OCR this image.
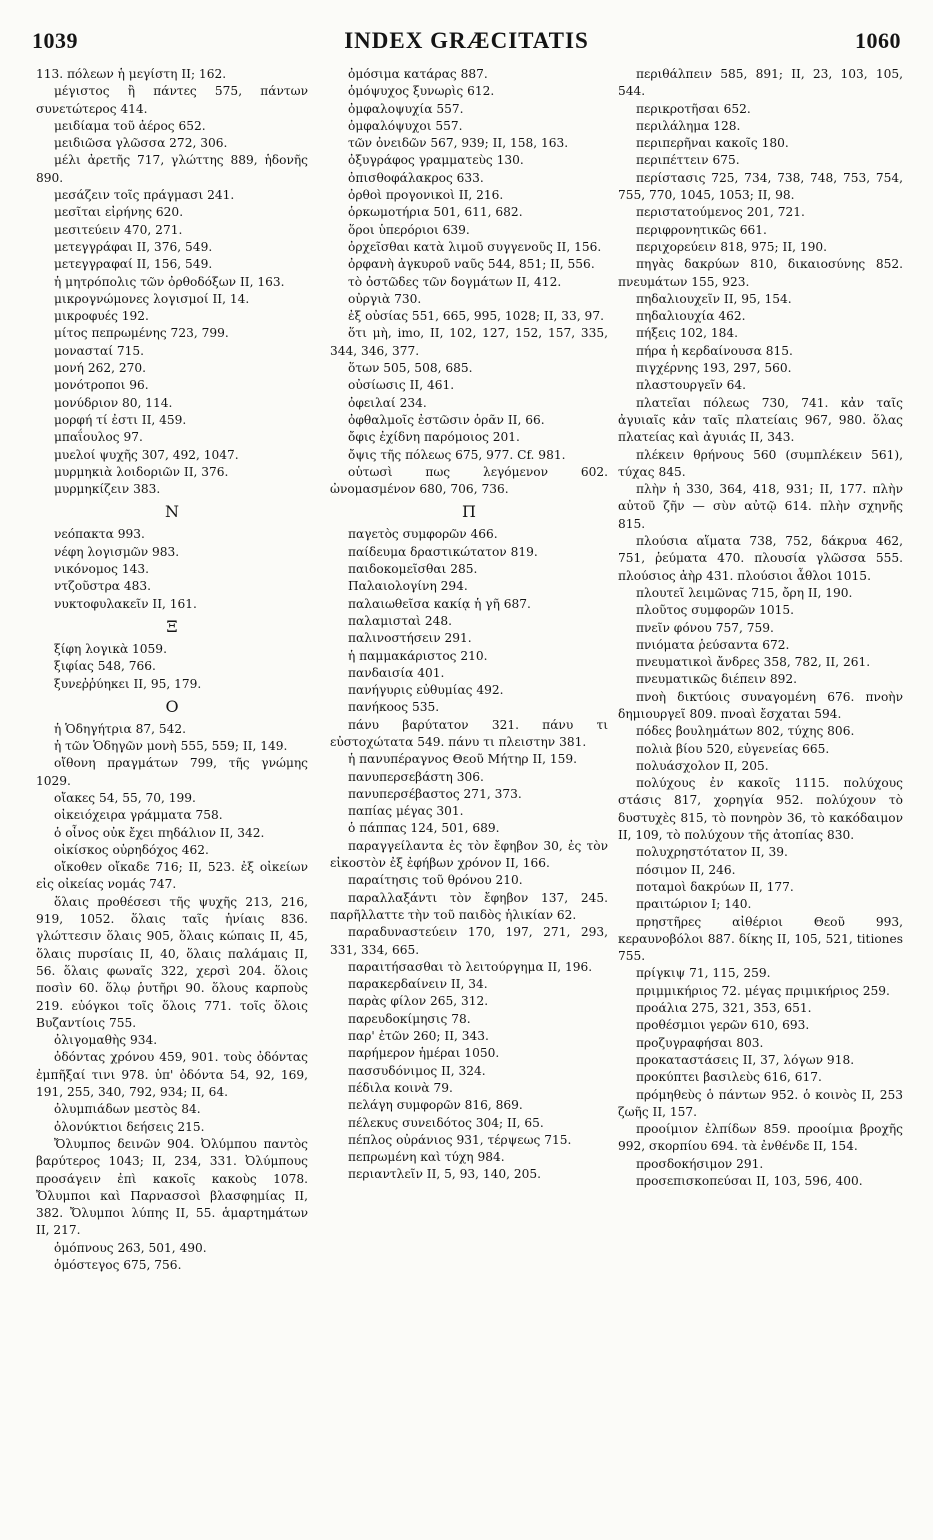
1039	INDEX GRÆCITATIS	1060

113. πόλεων ἡ μεγίστη II; 162.

μέγιστος ἢ πάντες 575, πάντων συνετώτερος 414.

μειδίαμα τοῦ ἀέρος 652.

μειδιῶσα γλῶσσα 272, 306.

μέλι ἀρετῆς 717, γλώττης 889, ἡδονῆς 890.

μεσάζειν τοῖς πράγμασι 241.

μεσῖται εἰρήνης 620.

μεσιτεύειν 470, 271.

μετεγγράφαι II, 376, 549.

μετεγγραφαί II, 156, 549.

ἡ μητρόπολις τῶν ὀρθοδόξων II, 163.

μικρογνώμονες λογισμοί II, 14.

μικροφυές 192.

μίτος πεπρωμένης 723, 799.

μονασταί 715.

μονή 262, 270.

μονότροποι 96.

μονύδριον 80, 114.

μορφή τί ἐστι II, 459.

μπαΐουλος 97.

μυελοί ψυχῆς 307, 492, 1047.

μυρμηκιὰ λοιδοριῶν II, 376.

μυρμηκίζειν 383.

N

νεόπακτα 993.

νέφη λογισμῶν 983.

νικόνομος 143.

ντζοῦστρα 483.

νυκτοφυλακεῖν II, 161.

Ξ

ξίφη λογικὰ 1059.

ξιφίας 548, 766.

ξυνεῤῥύηκει II, 95, 179.

O

ἡ Ὁδηγήτρια 87, 542.

ἡ τῶν Ὁδηγῶν μονὴ 555, 559; II, 149.

οἴθονη πραγμάτων 799, τῆς γνώμης 1029.

οἴακες 54, 55, 70, 199.

οἰκειόχειρα γράμματα 758.

ὁ οἶνος οὐκ ἔχει πηδάλιον II, 342.

οἰκίσκος οὐρηδόχος 462.

οἴκοθεν οἴκαδε 716; II, 523. ἐξ οἰκείων εἰς οἰκείας νομάς 747.

ὅλαις προθέσεσι τῆς ψυχῆς 213, 216, 919, 1052. ὅλαις ταῖς ἡνίαις 836. γλώττεσιν ὅλαις 905, ὅλαις κώπαις II, 45, ὅλαις πυρσίαις II, 40, ὅλαις παλάμαις II, 56. ὅλαις φωναῖς 322, χερσὶ 204. ὅλοις ποσὶν 60. ὅλῳ ῥυτῆρι 90. ὅλους καρποὺς 219. εὐόγκοι τοῖς ὅλοις 771. τοῖς ὅλοις Βυζαντίοις 755.

ὀλιγομαθὴς 934.

ὀδόντας χρόνου 459, 901. τοὺς ὀδόντας ἐμπῆξαί τινι 978. ὑπ' ὀδόντα 54, 92, 169, 191, 255, 340, 792, 934; II, 64.

ὀλυμπιάδων μεστὸς 84.

ὀλονύκτιοι δεήσεις 215.

Ὄλυμπος δεινῶν 904. Ὀλύμπου παντὸς βαρύτερος 1043; II, 234, 331. Ὀλύμπους προσάγειν ἐπὶ κακοῖς κακοὺς 1078. Ὄλυμποι καὶ Παρνασσοὶ βλασφημίας II, 382. Ὄλυμποι λύπης II, 55. ἁμαρτημάτων II, 217.

ὁμόπνους 263, 501, 490.

ὁμόστεγος 675, 756.

ὀμόσιμα κατάρας 887.

ὁμόψυχος ξυνωρὶς 612.

ὀμφαλοψυχία 557.

ὀμφαλόψυχοι 557.

τῶν ὀνειδῶν 567, 939; II, 158, 163.

ὀξυγράφος γραμματεὺς 130.

ὀπισθοφάλακρος 633.

ὀρθοὶ προγονικοὶ II, 216.

ὁρκωμοτήρια 501, 611, 682.

ὅροι ὑπερόριοι 639.

ὀρχεῖσθαι κατὰ λιμοῦ συγγενοῦς II, 156.

ὀρφανὴ ἀγκυροῦ ναῦς 544, 851; II, 556.

τὸ ὀστῶδες τῶν δογμάτων II, 412.

οὐργιὰ 730.

ἐξ οὐσίας 551, 665, 995, 1028; II, 33, 97.

ὅτι μὴ, imo, II, 102, 127, 152, 157, 335, 344, 346, 377.

ὅτων 505, 508, 685.

οὐσίωσις II, 461.

ὀφειλαί 234.

ὀφθαλμοῖς ἐστῶσιν ὁρᾶν II, 66.

ὄφις ἐχίδνη παρόμοιος 201.

ὄψις τῆς πόλεως 675, 977. Cf. 981.

οὑτωσὶ πως λεγόμενον 602. ὠνομασμένον 680, 706, 736.

Π

παγετὸς συμφορῶν 466.

παίδευμα δραστικώτατον 819.

παιδοκομεῖσθαι 285.

Παλαιολογίνη 294.

παλαιωθεῖσα κακίᾳ ἡ γῆ 687.

παλαμισταὶ 248.

παλινοστήσειν 291.

ἡ παμμακάριστος 210.

πανδαισία 401.

πανήγυρις εὐθυμίας 492.

πανήκοος 535.

πάνυ βαρύτατον 321. πάνυ τι εὐστοχώτατα 549. πάνυ τι πλειστην 381.

ἡ πανυπέραγνος Θεοῦ Μήτηρ II, 159.

πανυπερσεβάστη 306.

πανυπερσέβαστος 271, 373.

παπίας μέγας 301.

ὁ πάππας 124, 501, 689.

παραγγείλαντα ἐς τὸν ἔφηβον 30, ἐς τὸν εἰκοστὸν ἐξ ἐφήβων χρόνον II, 166.

παραίτησις τοῦ θρόνου 210.

παραλλαξάντι τὸν ἔφηβον 137, 245. παρῆλλαττε τὴν τοῦ παιδὸς ἡλικίαν 62.

παραδυναστεύειν 170, 197, 271, 293, 331, 334, 665.

παραιτήσασθαι τὸ λειτούργημα II, 196.

παρακερδαίνειν II, 34.

παρὰς φίλον 265, 312.

παρευδοκίμησις 78.

παρ' ἐτῶν 260; II, 343.

παρήμερον ἡμέραι 1050.

πασσυδόνιμος II, 324.

πέδιλα κοινὰ 79.

πελάγη συμφορῶν 816, 869.

πέλεκυς συνειδότος 304; II, 65.

πέπλος οὐράνιος 931, τέρψεως 715.

πεπρωμένη καὶ τύχη 984.

περιαντλεῖν II, 5, 93, 140, 205.

περιθάλπειν 585, 891; II, 23, 103, 105, 544.

περικροτῆσαι 652.

περιλάλημα 128.

περιπερῆναι κακοῖς 180.

περιπέττειν 675.

περίστασις 725, 734, 738, 748, 753, 754, 755, 770, 1045, 1053; II, 98.

περιστατούμενος 201, 721.

περιφρονητικῶς 661.

περιχορεύειν 818, 975; II, 190.

πηγὰς δακρύων 810, δικαιοσύνης 852. πνευμάτων 155, 923.

πηδαλιουχεῖν II, 95, 154.

πηδαλιουχία 462.

πήξεις 102, 184.

πήρα ἡ κερδαίνουσα 815.

πιγχέρνης 193, 297, 560.

πλαστουργεῖν 64.

πλατεῖαι πόλεως 730, 741. κἀν ταῖς ἀγυιαῖς κἀν ταῖς πλατείαις 967, 980. ὅλας πλατείας καὶ ἀγυιάς II, 343.

πλέκειν θρήνους 560 (συμπλέκειν 561), τύχας 845.

πλὴν ἡ 330, 364, 418, 931; II, 177. πλὴν αὐτοῦ ζῆν — σὺν αὐτῷ 614. πλὴν σχηνῆς 815.

πλούσια αἵματα 738, 752, δάκρυα 462, 751, ῥεύματα 470. πλουσία γλῶσσα 555. πλούσιος ἀὴρ 431. πλούσιοι ἆθλοι 1015.

πλουτεῖ λειμῶνας 715, ὄρη II, 190.

πλοῦτος συμφορῶν 1015.

πνεῖν φόνου 757, 759.

πνιόματα ῥεύσαντα 672.

πνευματικοὶ ἄνδρες 358, 782, II, 261.

πνευματικῶς διέπειν 892.

πνοὴ δικτύοις συναγομένη 676. πνοὴν δημιουργεῖ 809. πνοαὶ ἔσχαται 594.

πόδες βουλημάτων 802, τύχης 806.

πολιὰ βίου 520, εὐγενείας 665.

πολυάσχολον II, 205.

πολύχους ἐν κακοῖς 1115. πολύχους στάσις 817, χορηγία 952. πολύχουν τὸ δυστυχὲς 815, τὸ πονηρὸν 36, τὸ κακόδαιμον II, 109, τὸ πολύχουν τῆς ἀτοπίας 830.

πολυχρηστότατον II, 39.

πόσιμον II, 246.

ποταμοὶ δακρύων II, 177.

πραιτώριον I; 140.

πρηστῆρες αἰθέριοι Θεοῦ 993, κεραυνοβόλοι 887. δίκης II, 105, 521, titiones 755.

πρίγκιψ 71, 115, 259.

πριμμικήριος 72. μέγας πριμικήριος 259.

προάλια 275, 321, 353, 651.

προθέσμιοι γερῶν 610, 693.

προζυγραφήσαι 803.

προκαταστάσεις II, 37, λόγων 918.

προκύπτει βασιλεὺς 616, 617.

πρόμηθεὺς ὁ πάντων 952. ὁ κοινὸς II, 253 ζωῆς II, 157.

προοίμιον ἐλπίδων 859. προοίμια βροχῆς 992, σκορπίου 694. τὰ ἐνθένδε II, 154.

προσδοκήσιμον 291.

προσεπισκοπεύσαι II, 103, 596, 400.
